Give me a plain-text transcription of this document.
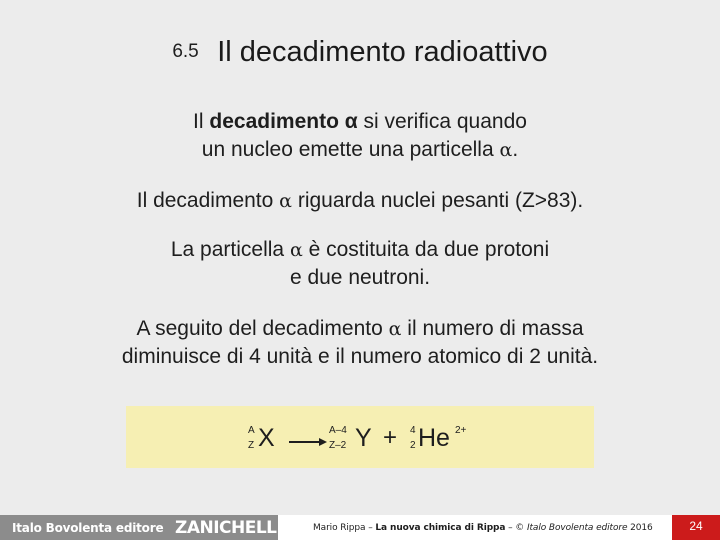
6.5 Il decadimento radioattivo
Il decadimento α si verifica quando
un nucleo emette una particella α.
Il decadimento α riguarda nuclei pesanti (Z>83).
La particella α è costituita da due protoni
e due neutroni.
A seguito del decadimento α il numero di massa
diminuisce di 4 unità e il numero atomico di 2 unità.
A
Z X →
A–4
Z–2 Y + 4
2 He 2+
Italo Bovolenta editore ZANICHELLI	Mario Rippa – La nuova chimica di Rippa – © Italo Bovolenta editore 2016	24
